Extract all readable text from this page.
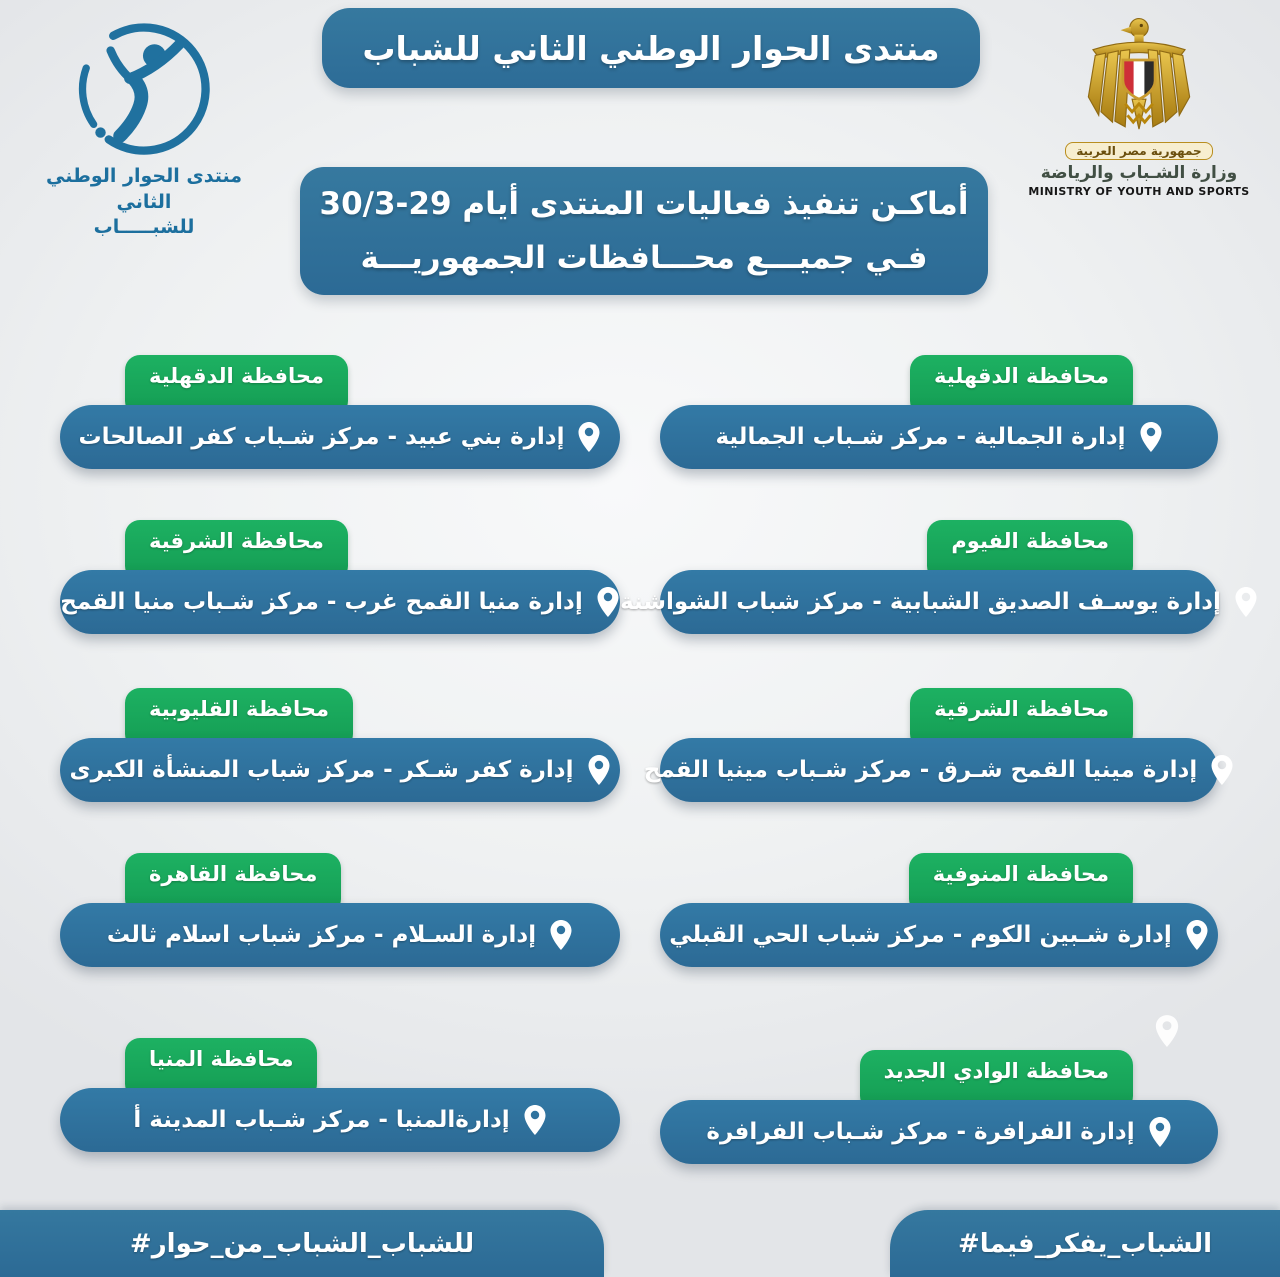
منتدى الحوار الوطني الثاني
للشبـــــاب
منتدى الحوار الوطني الثاني للشباب
جمهورية مصر العربية
وزارة الشـباب والرياضة
MINISTRY OF YOUTH AND SPORTS
أماكـن تنفيذ فعاليات المنتدى أيام 29-30/3
فـي جميـــع محـــافظات الجمهوريـــة
محافظة الدقهلية
إدارة بني عبيد - مركز شـباب كفر الصالحات
محافظة الدقهلية
إدارة الجمالية - مركز شـباب الجمالية
محافظة الشرقية
إدارة منيا القمح غرب - مركز شـباب منيا القمح
محافظة الفيوم
إدارة يوسـف الصديق الشبابية - مركز شباب الشواشنة
محافظة القليوبية
إدارة كفر شـكر - مركز شباب المنشأة الكبرى
محافظة الشرقية
إدارة مينيا القمح شـرق - مركز شـباب مينيا القمح
محافظة القاهرة
إدارة السـلام - مركز شباب اسلام ثالث
محافظة المنوفية
إدارة شـبين الكوم - مركز شباب الحي القبلي
محافظة المنيا
إدارةالمنيا - مركز شـباب المدينة أ
محافظة الوادي الجديد
إدارة الفرافرة - مركز شـباب الفرافرة
#حوار_‎من_‎الشباب_‎للشباب	#فيما_‎يفكر_‎الشباب
